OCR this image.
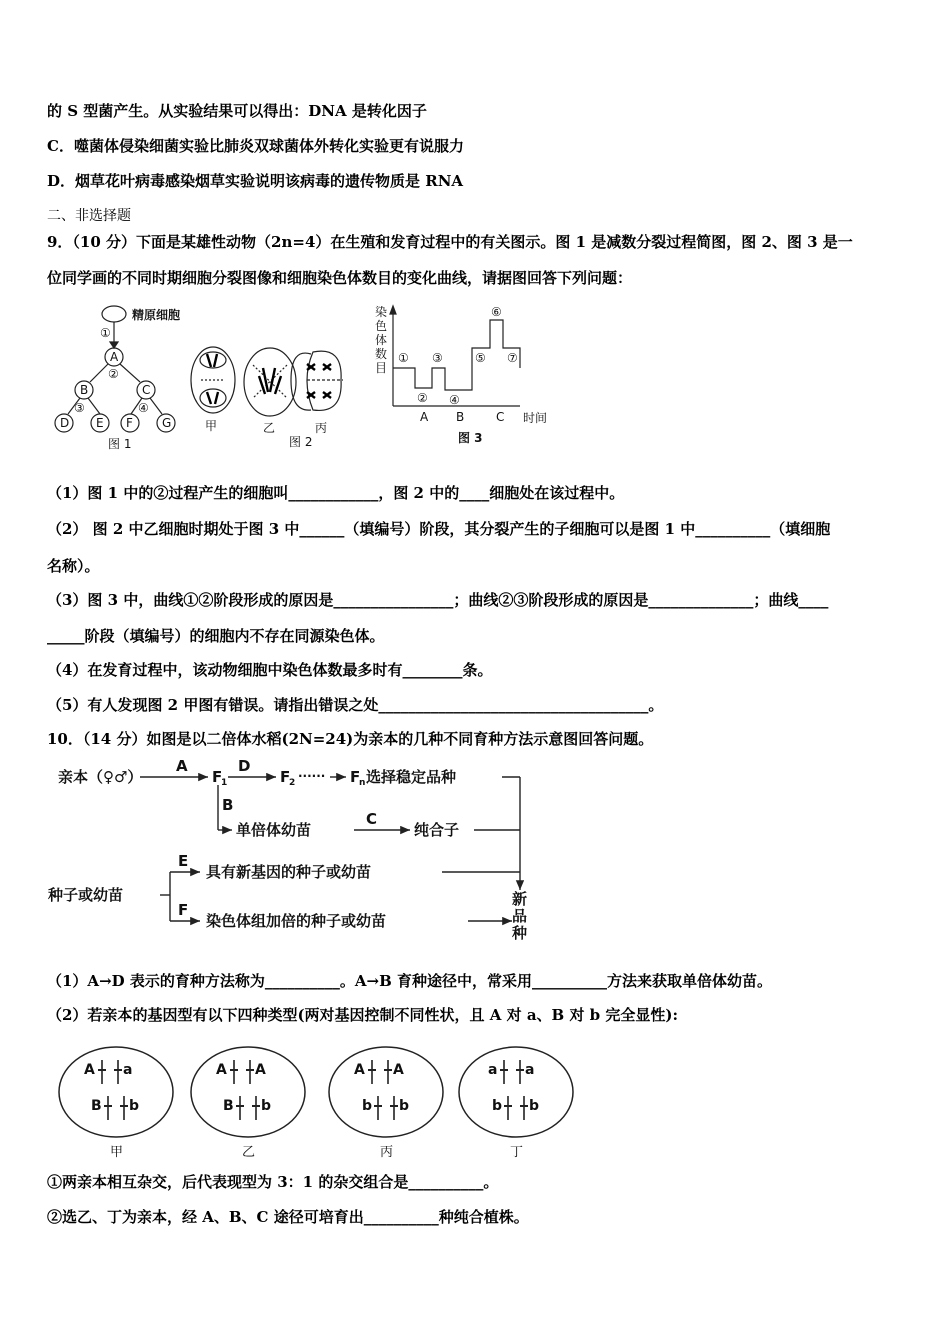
的 S 型菌产生。从实验结果可以得出：DNA 是转化因子
C．噬菌体侵染细菌实验比肺炎双球菌体外转化实验更有说服力
D．烟草花叶病毒感染烟草实验说明该病毒的遗传物质是 RNA
二、非选择题
9．（10 分）下面是某雄性动物（2n=4）在生殖和发育过程中的有关图示。图 1 是减数分裂过程简图，图 2、图 3 是一
位同学画的不同时期细胞分裂图像和细胞染色体数目的变化曲线，请据图回答下列问题：
精原细胞
①
A
②
B	C
③	④
D E F G
图 1
甲	乙	丙
图 2
染
色
体
数
目
①
②
③
④
⑤
⑥
⑦
A B	C 时间
图 3
（1）图 1 中的②过程产生的细胞叫____________，图 2 中的____细胞处在该过程中。
（2） 图 2 中乙细胞时期处于图 3 中______（填编号）阶段，其分裂产生的子细胞可以是图 1 中__________（填细胞
名称）。
（3）图 3 中，曲线①②阶段形成的原因是________________；曲线②③阶段形成的原因是______________；曲线____
_____阶段（填编号）的细胞内不存在同源染色体。
（4）在发育过程中，该动物细胞中染色体数最多时有________条。
（5）有人发现图 2 甲图有错误。请指出错误之处____________________________________。
10．（14 分）如图是以二倍体水稻(2N=24)为亲本的几种不同育种方法示意图回答问题。
亲本（♀♂）
A
F
1
D
F
2 ······ F
n 选择稳定品种
B
单倍体幼苗
C
纯合子
种子或幼苗
E
具有新基因的种子或幼苗
F
染色体组加倍的种子或幼苗
新
品
种
（1）A→D 表示的育种方法称为__________。A→B 育种途径中，常采用__________方法来获取单倍体幼苗。
（2）若亲本的基因型有以下四种类型(两对基因控制不同性状，且 A 对 a、B 对 b 完全显性):
A a
B b
甲
A A
B b
乙
A A
b b
丙
a a
b b
丁
①两亲本相互杂交，后代表现型为 3：1 的杂交组合是__________。
②选乙、丁为亲本，经 A、B、C 途径可培育出__________种纯合植株。
